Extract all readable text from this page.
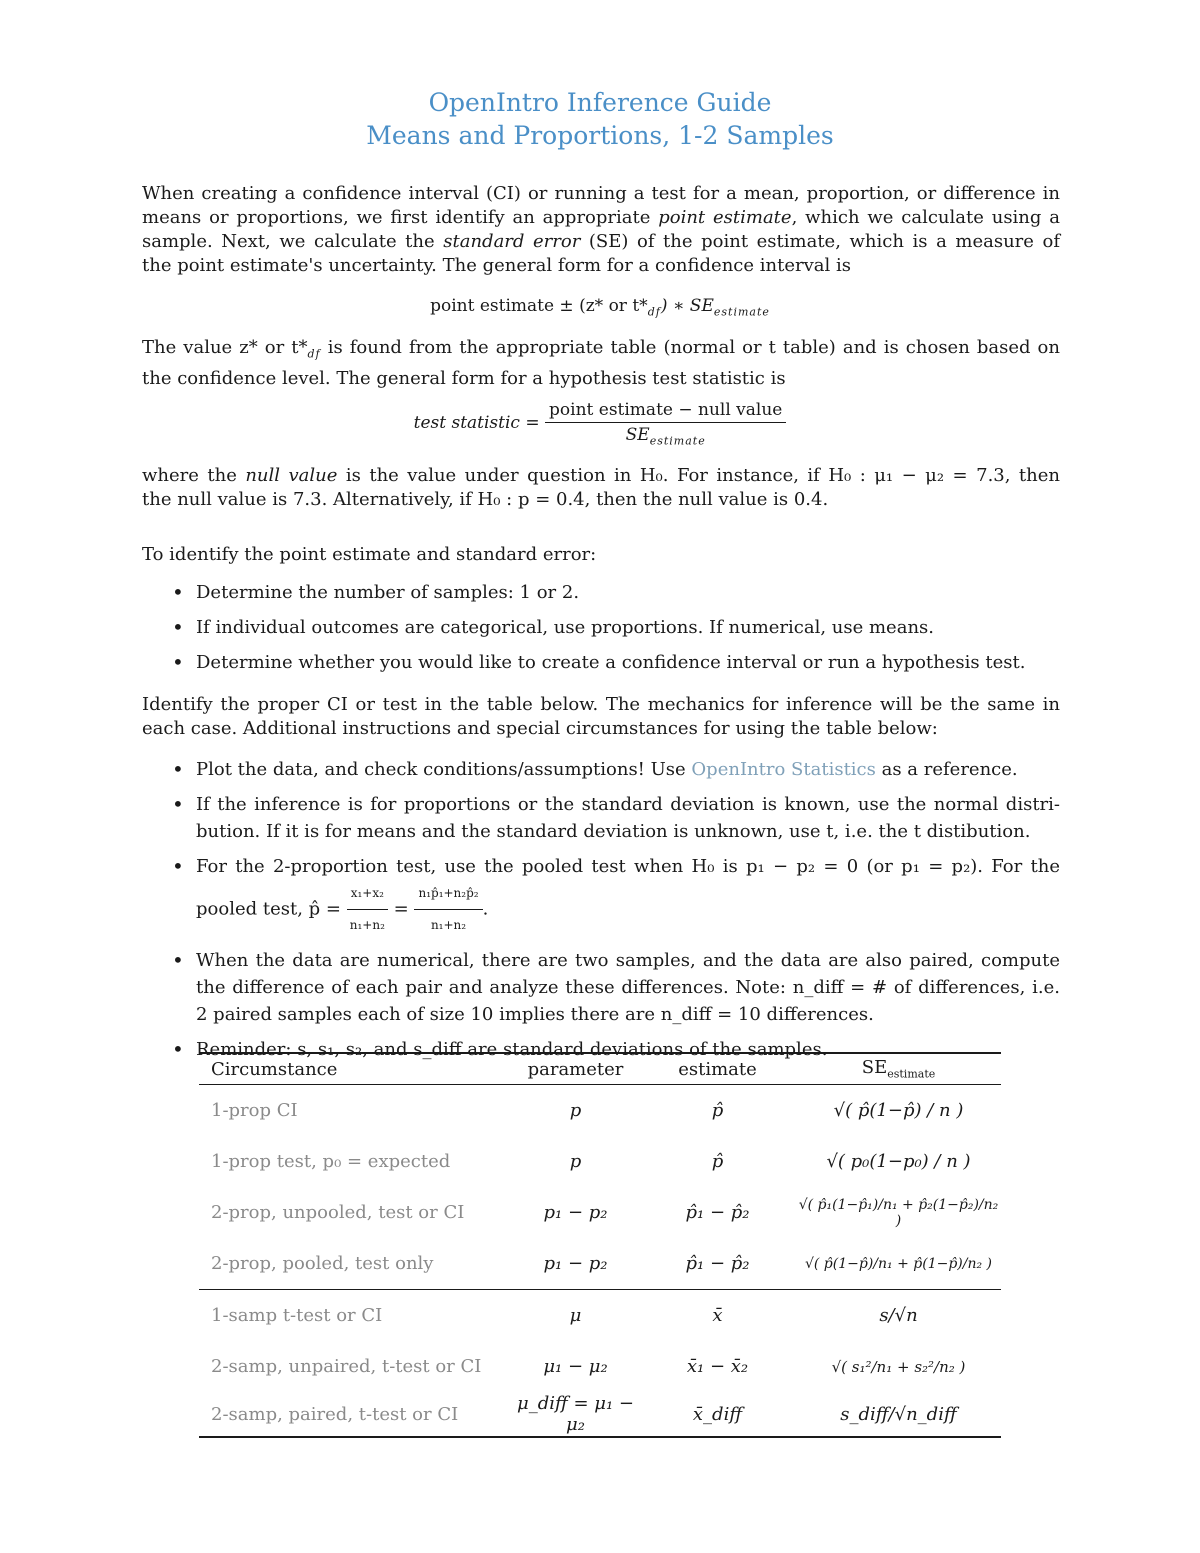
OpenIntro Inference Guide
Means and Proportions, 1-2 Samples
When creating a confidence interval (CI) or running a test for a mean, proportion, or difference in
means or proportions, we first identify an appropriate point estimate, which we calculate using a
sample. Next, we calculate the standard error (SE) of the point estimate, which is a measure of
the point estimate's uncertainty. The general form for a confidence interval is
point estimate ± (z* or $t*_{df}$) ∗ $SE_{estimate}$
The value z* or $t*_{df}$ is found from the appropriate table (normal or t table) and is chosen based on
the confidence level. The general form for a hypothesis test statistic is
test statistic = $\frac{\text{point estimate − null value}}{SE_{estimate}}$
where the null value is the value under question in H₀. For instance, if H₀ : μ₁ − μ₂ = 7.3, then
the null value is 7.3. Alternatively, if H₀ : p = 0.4, then the null value is 0.4.
To identify the point estimate and standard error:
• Determine the number of samples: 1 or 2.
• If individual outcomes are categorical, use proportions. If numerical, use means.
• Determine whether you would like to create a confidence interval or run a hypothesis test.
Identify the proper CI or test in the table below. The mechanics for inference will be the same in
each case. Additional instructions and special circumstances for using the table below:
• Plot the data, and check conditions/assumptions! Use OpenIntro Statistics as a reference.
• If the inference is for proportions or the standard deviation is known, use the normal distri- bution. If it is for means and the standard deviation is unknown, use t, i.e. the t distibution.
• For the 2-proportion test, use the pooled test when H₀ is p₁ − p₂ = 0 (or p₁ = p₂). For the pooled test, p̂ = $\frac{\text{x₁+x₂}}{\text{n₁+n₂}} = \frac{\text{n₁p̂₁+n₂p̂₂}}{\text{n₁+n₂}}$ .
• When the data are numerical, there are two samples, and the data are also paired, compute the difference of each pair and analyze these differences. Note: n_diff = # of differences, i.e. 2 paired samples each of size 10 implies there are n_diff = 10 differences.
• Reminder: s, s₁, s₂, and s_diff are standard deviations of the samples.
Circumstance	parameter	estimate	$SE_{estimate}$
1-prop CI	p	p̂	√( p̂(1−p̂) / n )
1-prop test, p₀ = expected	p	p̂	√( p₀(1−p₀) / n )
2-prop, unpooled, test or CI	p₁ − p₂	p̂₁ − p̂₂	√( p̂₁(1−p̂₁)/n₁ + p̂₂(1−p̂₂)/n₂ )
2-prop, pooled, test only	p₁ − p₂	p̂₁ − p̂₂	√( p̂(1−p̂)/n₁ + p̂(1−p̂)/n₂ )
1-samp t-test or CI	μ	x̄	s/√n
2-samp, unpaired, t-test or CI	μ₁ − μ₂	x̄₁ − x̄₂	√( s₁²/n₁ + s₂²/n₂ )
2-samp, paired, t-test or CI	μ_diff = μ₁ − μ₂	x̄_diff	s_diff/√n_diff
